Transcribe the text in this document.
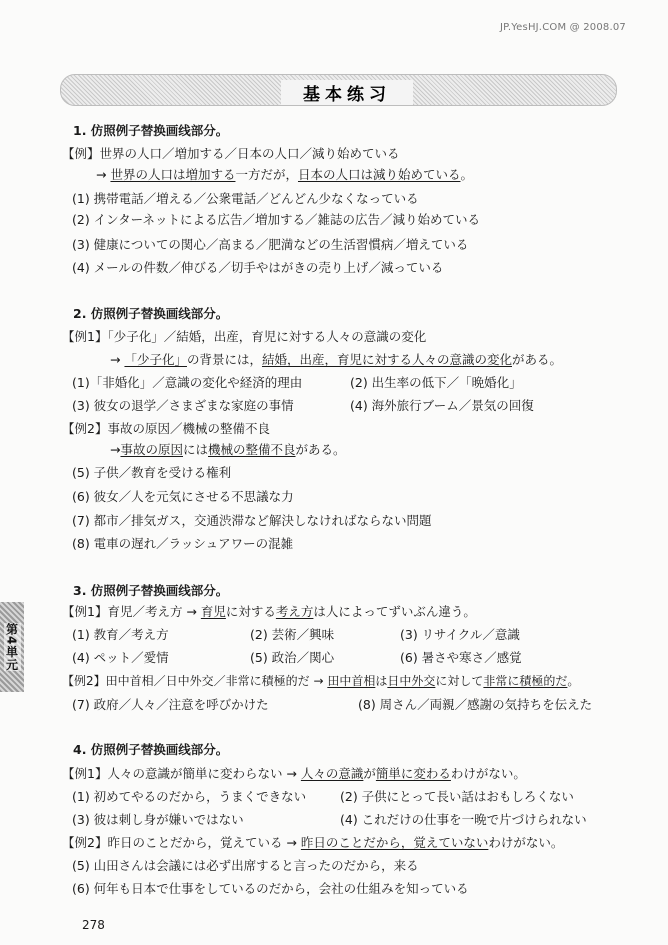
JP.YesHJ.COM @ 2008.07
基本练习
第4単元
1. 仿照例子替换画线部分。
【例】世界の人口／増加する／日本の人口／減り始めている
→ 世界の人口は増加する一方だが，日本の人口は減り始めている。
(1) 携帯電話／増える／公衆電話／どんどん少なくなっている
(2) インターネットによる広告／増加する／雑誌の広告／減り始めている
(3) 健康についての関心／高まる／肥満などの生活習慣病／増えている
(4) メールの件数／伸びる／切手やはがきの売り上げ／減っている
2. 仿照例子替换画线部分。
【例1】「少子化」／結婚，出産，育児に対する人々の意識の変化
→ 「少子化」の背景には，結婚，出産，育児に対する人々の意識の変化がある。
(1)「非婚化」／意識の変化や経済的理由	(2) 出生率の低下／「晩婚化」
(3) 彼女の退学／さまざまな家庭の事情	(4) 海外旅行ブーム／景気の回復
【例2】事故の原因／機械の整備不良
→事故の原因には機械の整備不良がある。
(5) 子供／教育を受ける権利
(6) 彼女／人を元気にさせる不思議な力
(7) 都市／排気ガス，交通渋滞など解決しなければならない問題
(8) 電車の遅れ／ラッシュアワーの混雑
3. 仿照例子替换画线部分。
【例1】育児／考え方 → 育児に対する考え方は人によってずいぶん違う。
(1) 教育／考え方	(2) 芸術／興味	(3) リサイクル／意識
(4) ペット／愛情	(5) 政治／関心	(6) 暑さや寒さ／感覚
【例2】田中首相／日中外交／非常に積極的だ → 田中首相は日中外交に対して非常に積極的だ。
(7) 政府／人々／注意を呼びかけた	(8) 周さん／両親／感謝の気持ちを伝えた
4. 仿照例子替换画线部分。
【例1】人々の意識が簡単に変わらない → 人々の意識が簡単に変わるわけがない。
(1) 初めてやるのだから，うまくできない	(2) 子供にとって長い話はおもしろくない
(3) 彼は刺し身が嫌いではない	(4) これだけの仕事を一晩で片づけられない
【例2】昨日のことだから，覚えている → 昨日のことだから，覚えていないわけがない。
(5) 山田さんは会議には必ず出席すると言ったのだから，来る
(6) 何年も日本で仕事をしているのだから，会社の仕組みを知っている
278
